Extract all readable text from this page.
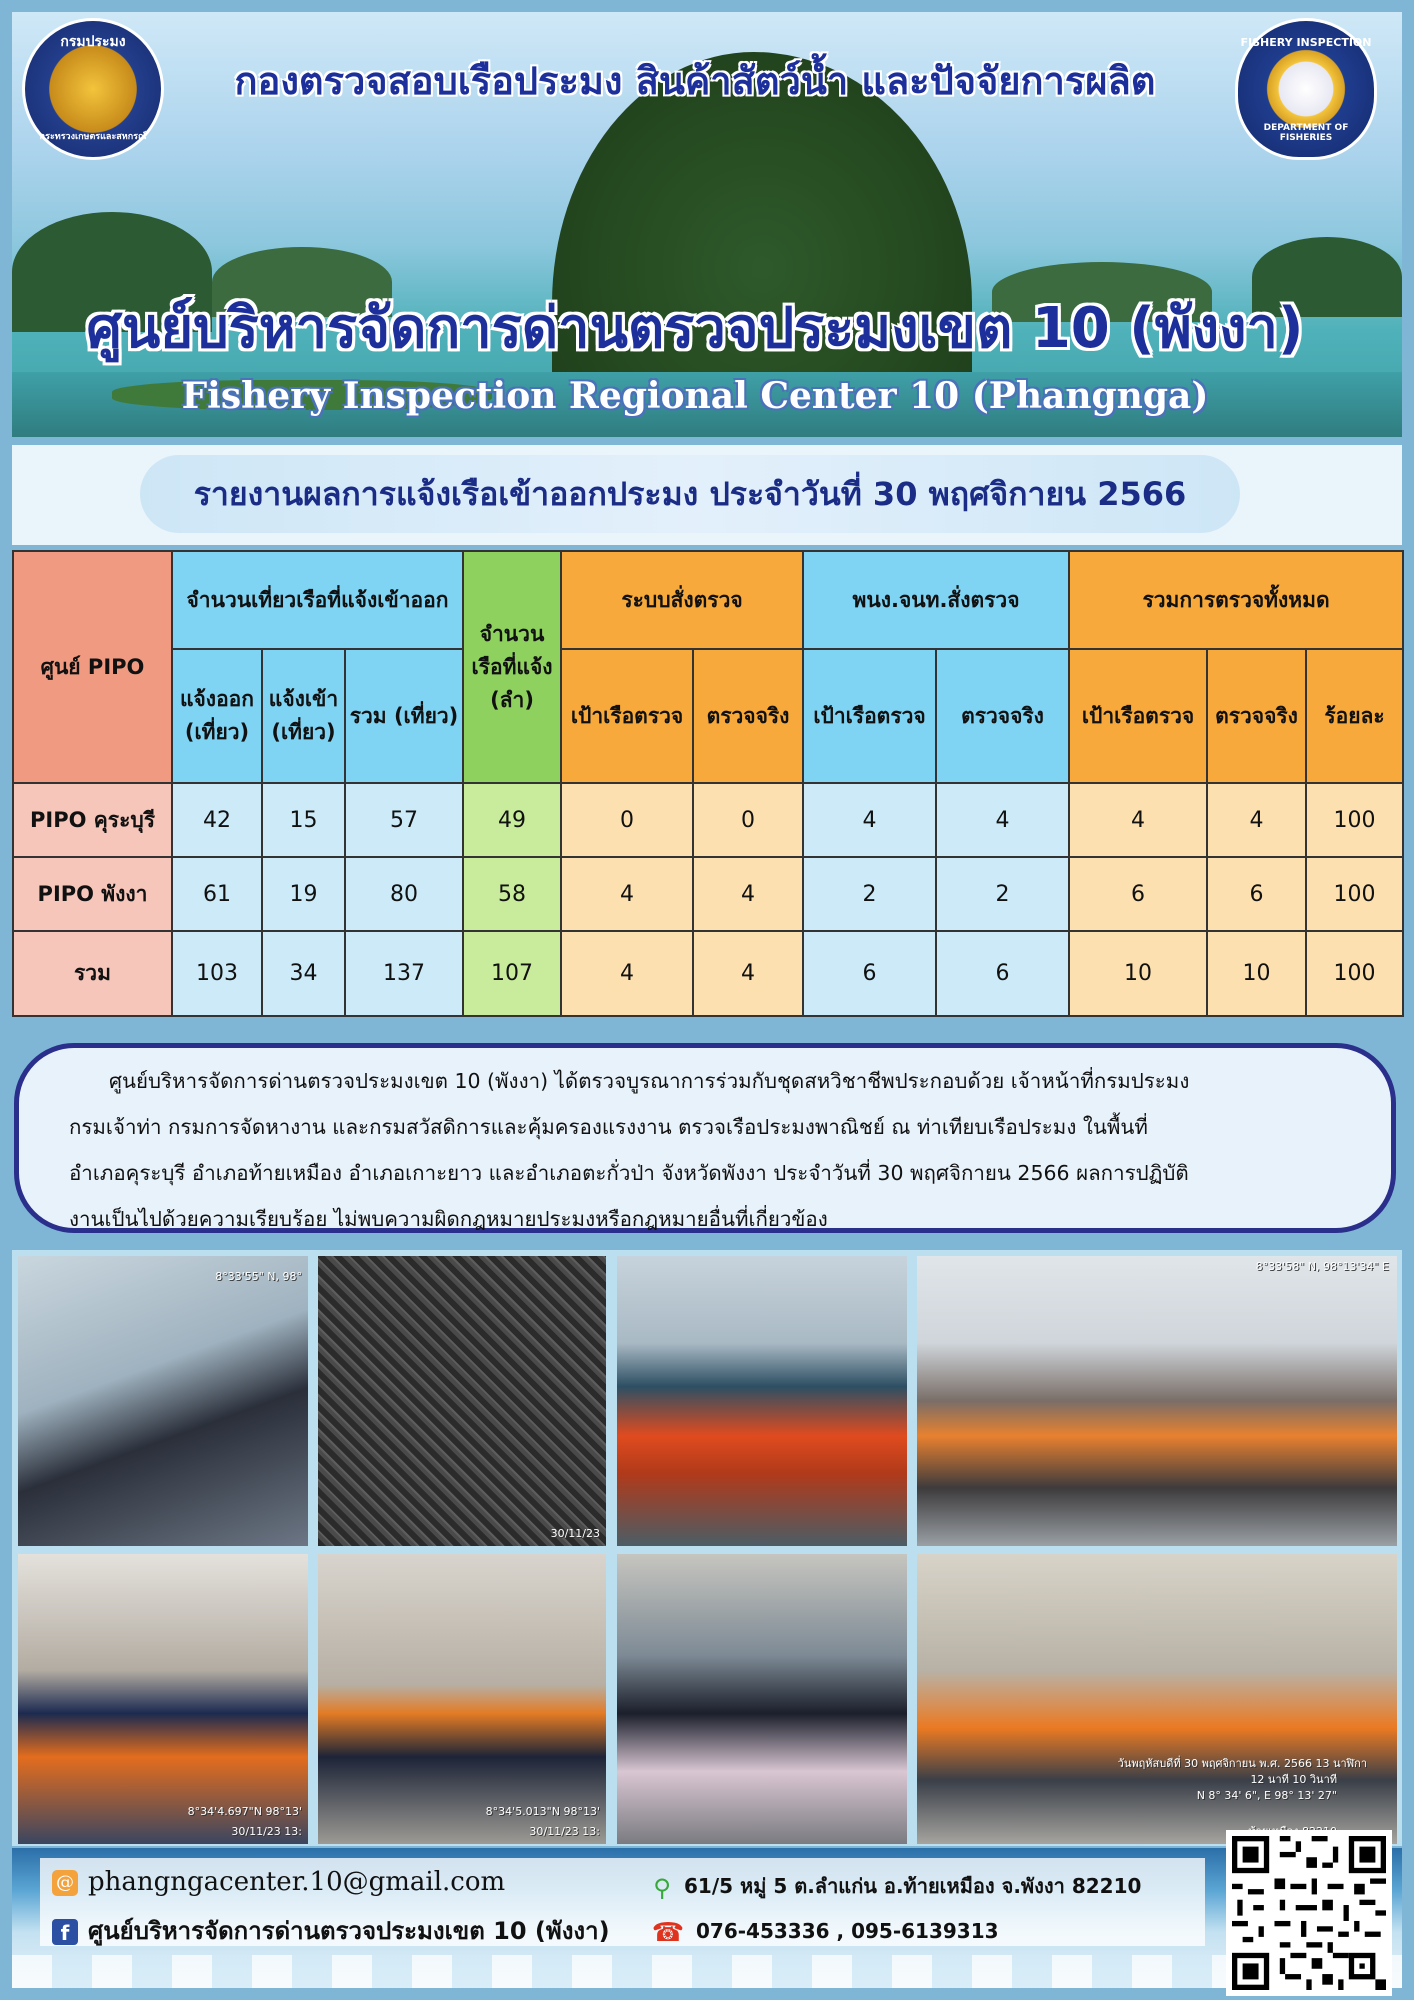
กรมประมง
กระทรวงเกษตรและสหกรณ์
FISHERY INSPECTION
DEPARTMENT OF FISHERIES
กองตรวจสอบเรือประมง สินค้าสัตว์น้ำ และปัจจัยการผลิต
ศูนย์บริหารจัดการด่านตรวจประมงเขต 10 (พังงา)
Fishery Inspection Regional Center 10 (Phangnga)
รายงานผลการแจ้งเรือเข้าออกประมง ประจำวันที่ 30 พฤศจิกายน 2566
ศูนย์ PIPO	จำนวนเที่ยวเรือที่แจ้งเข้าออก			จำนวนเรือที่แจ้ง (ลำ)	ระบบสั่งตรวจ		พนง.จนท.สั่งตรวจ		รวมการตรวจทั้งหมด		
	แจ้งออก (เที่ยว)	แจ้งเข้า (เที่ยว)	รวม (เที่ยว)		เป้าเรือตรวจ	ตรวจจริง	เป้าเรือตรวจ	ตรวจจริง	เป้าเรือตรวจ	ตรวจจริง	ร้อยละ
PIPO คุระบุรี	42	15	57	49	0	0	4	4	4	4	100
PIPO พังงา	61	19	80	58	4	4	2	2	6	6	100
รวม	103	34	137	107	4	4	6	6	10	10	100

ศูนย์บริหารจัดการด่านตรวจประมงเขต 10 (พังงา) ได้ตรวจบูรณาการร่วมกับชุดสหวิชาชีพประกอบด้วย เจ้าหน้าที่กรมประมง

กรมเจ้าท่า กรมการจัดหางาน และกรมสวัสดิการและคุ้มครองแรงงาน ตรวจเรือประมงพาณิชย์ ณ ท่าเทียบเรือประมง ในพื้นที่
อำเภอคุระบุรี อำเภอท้ายเหมือง อำเภอเกาะยาว และอำเภอตะกั่วป่า จังหวัดพังงา ประจำวันที่ 30 พฤศจิกายน 2566 ผลการปฏิบัติ
งานเป็นไปด้วยความเรียบร้อย ไม่พบความผิดกฎหมายประมงหรือกฎหมายอื่นที่เกี่ยวข้อง
8°33'55" N, 98°
30/11/23
8°33'58" N, 98°13'34" E
8°34'4.697"N 98°13'
30/11/23 13:
8°34'5.013"N 98°13'
30/11/23 13:
วันพฤหัสบดีที่ 30 พฤศจิกายน พ.ศ. 2566 13 นาฬิกา
12 นาที 10 วินาที
N 8° 34' 6", E 98° 13' 27"
@ phangngacenter.10@gmail.com
f ศูนย์บริหารจัดการด่านตรวจประมงเขต 10 (พังงา)
⚲ 61/5 หมู่ 5 ต.ลำแก่น อ.ท้ายเหมือง จ.พังงา 82210
☎ 076-453336 , 095-6139313
